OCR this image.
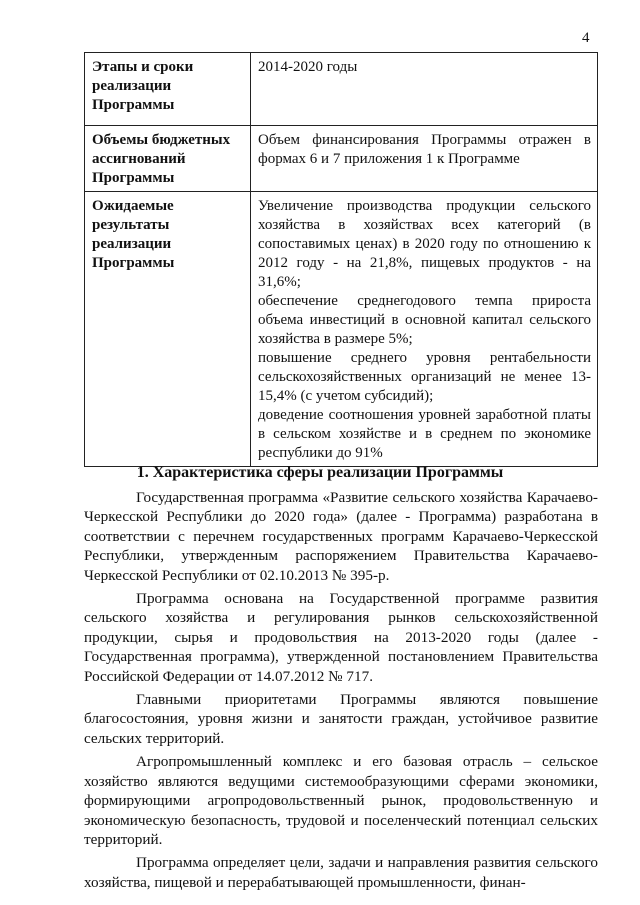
4
Этапы и сроки реализации Программы	2014-2020 годы

Объемы бюджетных ассигнований Программы	Объем финансирования Программы отражен в формах 6 и 7 приложения 1 к Программе

Ожидаемые результаты реализации Программы	Увеличение производства продукции сельского хозяйства в хозяйствах всех категорий (в сопоставимых ценах) в 2020 году по отношению к 2012 году - на 21,8%, пищевых продуктов - на 31,6%;
обеспечение среднегодового темпа прироста объема инвестиций в основной капитал сельского хозяйства в размере 5%;
повышение среднего уровня рентабельности сельскохозяйственных организаций не менее 13-15,4% (с учетом субсидий);
доведение соотношения уровней заработной платы в сельском хозяйстве и в среднем по экономике республики до 91%
1. Характеристика сферы реализации Программы

Государственная программа «Развитие сельского хозяйства Карачаево-Черкесской Республики до 2020 года» (далее - Программа) разработана в соответствии с перечнем государственных программ Карачаево-Черкесской Республики, утвержденным распоряжением Правительства Карачаево-Черкесской Республики от 02.10.2013 № 395-р.

Программа основана на Государственной программе развития сельского хозяйства и регулирования рынков сельскохозяйственной продукции, сырья и продовольствия на 2013-2020 годы (далее - Государственная программа), утвержденной постановлением Правительства Российской Федерации от 14.07.2012 № 717.

Главными приоритетами Программы являются повышение благосостояния, уровня жизни и занятости граждан, устойчивое развитие сельских территорий.

Агропромышленный комплекс и его базовая отрасль – сельское хозяйство являются ведущими системообразующими сферами экономики, формирующими агропродовольственный рынок, продовольственную и экономическую безопасность, трудовой и поселенческий потенциал сельских территорий.

Программа определяет цели, задачи и направления развития сельского хозяйства, пищевой и перерабатывающей промышленности, финан-
